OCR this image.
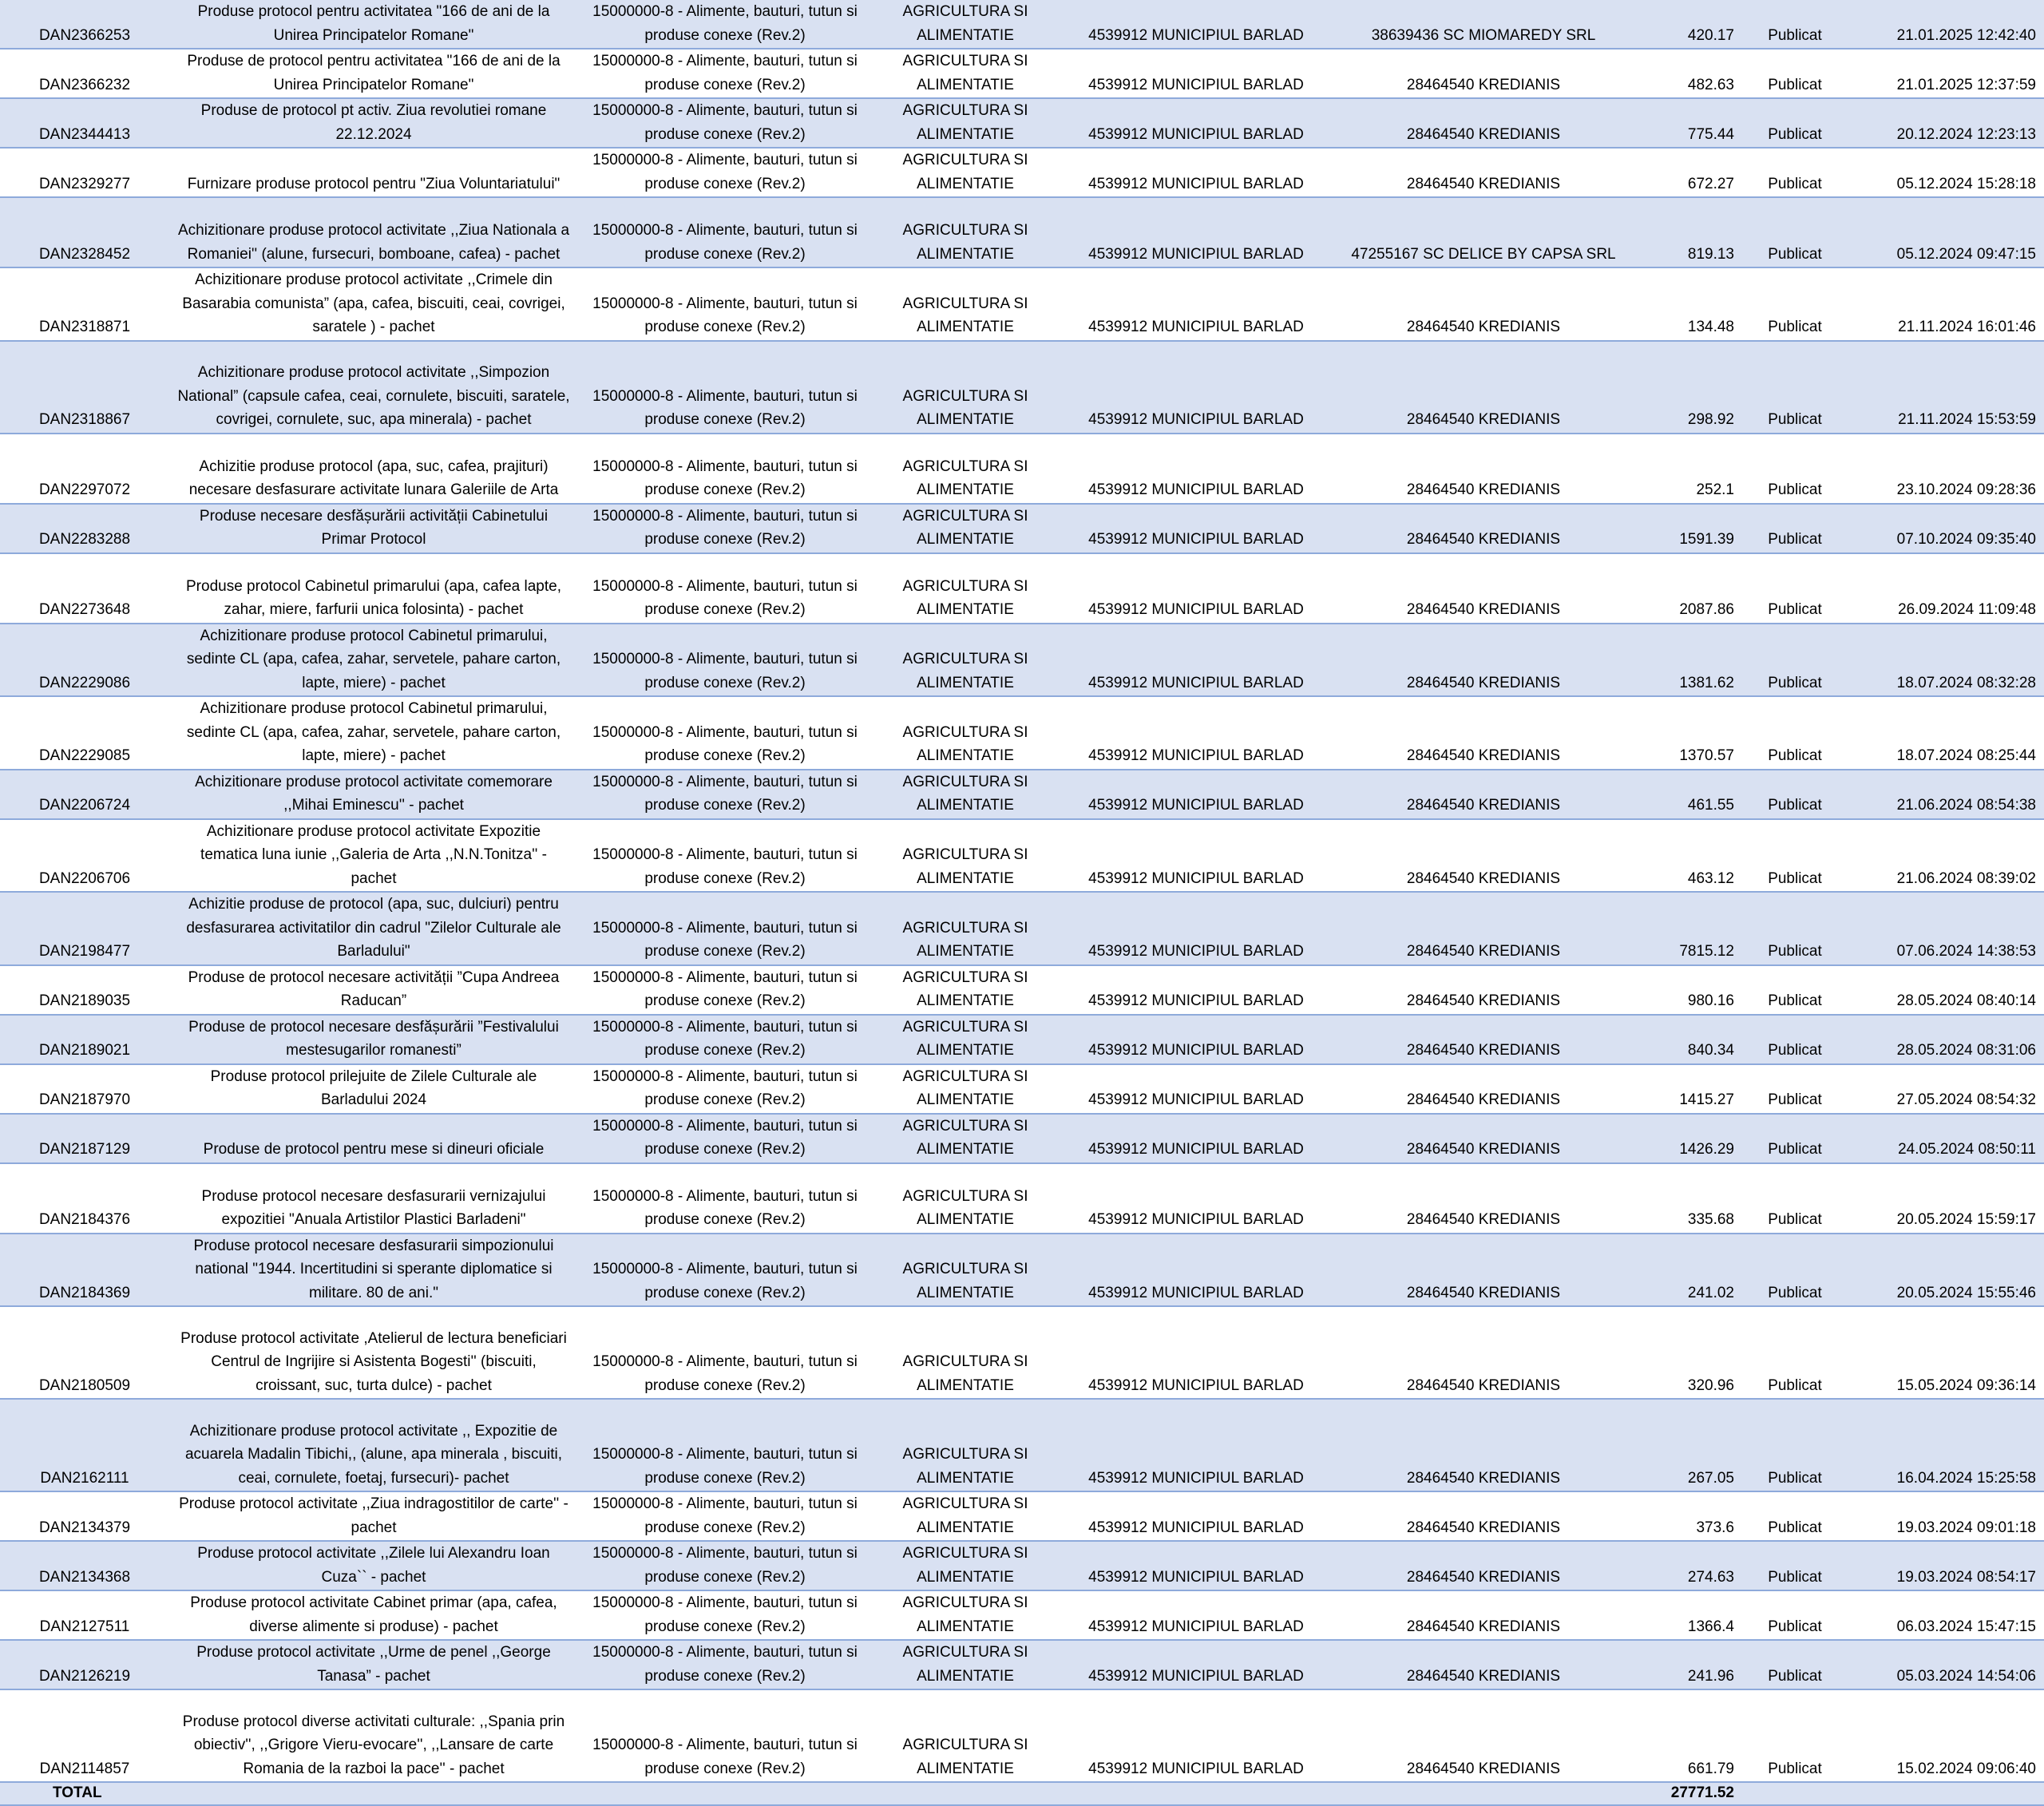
DAN2366253	Produse protocol pentru activitatea "166 de ani de la Unirea Principatelor Romane"	15000000-8 - Alimente, bauturi, tutun si produse conexe (Rev.2)	AGRICULTURA SI ALIMENTATIE	4539912 MUNICIPIUL BARLAD	38639436 SC MIOMAREDY SRL	420.17	Publicat	21.01.2025 12:42:40
DAN2366232	Produse de protocol pentru activitatea "166 de ani de la Unirea Principatelor Romane"	15000000-8 - Alimente, bauturi, tutun si produse conexe (Rev.2)	AGRICULTURA SI ALIMENTATIE	4539912 MUNICIPIUL BARLAD	28464540 KREDIANIS	482.63	Publicat	21.01.2025 12:37:59
DAN2344413	Produse de protocol pt activ. Ziua revolutiei romane 22.12.2024	15000000-8 - Alimente, bauturi, tutun si produse conexe (Rev.2)	AGRICULTURA SI ALIMENTATIE	4539912 MUNICIPIUL BARLAD	28464540 KREDIANIS	775.44	Publicat	20.12.2024 12:23:13
DAN2329277	Furnizare produse protocol pentru "Ziua Voluntariatului"	15000000-8 - Alimente, bauturi, tutun si produse conexe (Rev.2)	AGRICULTURA SI ALIMENTATIE	4539912 MUNICIPIUL BARLAD	28464540 KREDIANIS	672.27	Publicat	05.12.2024 15:28:18
DAN2328452	Achizitionare produse protocol activitate ,,Ziua Nationala a Romaniei'' (alune, fursecuri, bomboane, cafea) - pachet	15000000-8 - Alimente, bauturi, tutun si produse conexe (Rev.2)	AGRICULTURA SI ALIMENTATIE	4539912 MUNICIPIUL BARLAD	47255167 SC DELICE BY CAPSA SRL	819.13	Publicat	05.12.2024 09:47:15
DAN2318871	Achizitionare produse protocol activitate ,,Crimele din Basarabia comunista” (apa, cafea, biscuiti, ceai, covrigei, saratele ) - pachet	15000000-8 - Alimente, bauturi, tutun si produse conexe (Rev.2)	AGRICULTURA SI ALIMENTATIE	4539912 MUNICIPIUL BARLAD	28464540 KREDIANIS	134.48	Publicat	21.11.2024 16:01:46
DAN2318867	Achizitionare produse protocol activitate ,,Simpozion National” (capsule cafea, ceai, cornulete, biscuiti, saratele, covrigei, cornulete, suc, apa minerala) - pachet	15000000-8 - Alimente, bauturi, tutun si produse conexe (Rev.2)	AGRICULTURA SI ALIMENTATIE	4539912 MUNICIPIUL BARLAD	28464540 KREDIANIS	298.92	Publicat	21.11.2024 15:53:59
DAN2297072	Achizitie produse protocol (apa, suc, cafea, prajituri) necesare desfasurare activitate lunara Galeriile de Arta	15000000-8 - Alimente, bauturi, tutun si produse conexe (Rev.2)	AGRICULTURA SI ALIMENTATIE	4539912 MUNICIPIUL BARLAD	28464540 KREDIANIS	252.1	Publicat	23.10.2024 09:28:36
DAN2283288	Produse necesare desfășurării activității Cabinetului Primar Protocol	15000000-8 - Alimente, bauturi, tutun si produse conexe (Rev.2)	AGRICULTURA SI ALIMENTATIE	4539912 MUNICIPIUL BARLAD	28464540 KREDIANIS	1591.39	Publicat	07.10.2024 09:35:40
DAN2273648	Produse protocol Cabinetul primarului (apa, cafea lapte, zahar, miere, farfurii unica folosinta) - pachet	15000000-8 - Alimente, bauturi, tutun si produse conexe (Rev.2)	AGRICULTURA SI ALIMENTATIE	4539912 MUNICIPIUL BARLAD	28464540 KREDIANIS	2087.86	Publicat	26.09.2024 11:09:48
DAN2229086	Achizitionare produse protocol Cabinetul primarului, sedinte CL (apa, cafea, zahar, servetele, pahare carton, lapte, miere) - pachet	15000000-8 - Alimente, bauturi, tutun si produse conexe (Rev.2)	AGRICULTURA SI ALIMENTATIE	4539912 MUNICIPIUL BARLAD	28464540 KREDIANIS	1381.62	Publicat	18.07.2024 08:32:28
DAN2229085	Achizitionare produse protocol Cabinetul primarului, sedinte CL (apa, cafea, zahar, servetele, pahare carton, lapte, miere) - pachet	15000000-8 - Alimente, bauturi, tutun si produse conexe (Rev.2)	AGRICULTURA SI ALIMENTATIE	4539912 MUNICIPIUL BARLAD	28464540 KREDIANIS	1370.57	Publicat	18.07.2024 08:25:44
DAN2206724	Achizitionare produse protocol activitate comemorare ,,Mihai Eminescu'' - pachet	15000000-8 - Alimente, bauturi, tutun si produse conexe (Rev.2)	AGRICULTURA SI ALIMENTATIE	4539912 MUNICIPIUL BARLAD	28464540 KREDIANIS	461.55	Publicat	21.06.2024 08:54:38
DAN2206706	Achizitionare produse protocol activitate Expozitie tematica luna iunie ,,Galeria de Arta ,,N.N.Tonitza'' - pachet	15000000-8 - Alimente, bauturi, tutun si produse conexe (Rev.2)	AGRICULTURA SI ALIMENTATIE	4539912 MUNICIPIUL BARLAD	28464540 KREDIANIS	463.12	Publicat	21.06.2024 08:39:02
DAN2198477	Achizitie produse de protocol (apa, suc, dulciuri) pentru desfasurarea activitatilor din cadrul "Zilelor Culturale ale Barladului"	15000000-8 - Alimente, bauturi, tutun si produse conexe (Rev.2)	AGRICULTURA SI ALIMENTATIE	4539912 MUNICIPIUL BARLAD	28464540 KREDIANIS	7815.12	Publicat	07.06.2024 14:38:53
DAN2189035	Produse de protocol necesare activității ”Cupa Andreea Raducan”	15000000-8 - Alimente, bauturi, tutun si produse conexe (Rev.2)	AGRICULTURA SI ALIMENTATIE	4539912 MUNICIPIUL BARLAD	28464540 KREDIANIS	980.16	Publicat	28.05.2024 08:40:14
DAN2189021	Produse de protocol necesare desfășurării ”Festivalului mestesugarilor romanesti”	15000000-8 - Alimente, bauturi, tutun si produse conexe (Rev.2)	AGRICULTURA SI ALIMENTATIE	4539912 MUNICIPIUL BARLAD	28464540 KREDIANIS	840.34	Publicat	28.05.2024 08:31:06
DAN2187970	Produse protocol prilejuite de Zilele Culturale ale Barladului 2024	15000000-8 - Alimente, bauturi, tutun si produse conexe (Rev.2)	AGRICULTURA SI ALIMENTATIE	4539912 MUNICIPIUL BARLAD	28464540 KREDIANIS	1415.27	Publicat	27.05.2024 08:54:32
DAN2187129	Produse de protocol pentru mese si dineuri oficiale	15000000-8 - Alimente, bauturi, tutun si produse conexe (Rev.2)	AGRICULTURA SI ALIMENTATIE	4539912 MUNICIPIUL BARLAD	28464540 KREDIANIS	1426.29	Publicat	24.05.2024 08:50:11
DAN2184376	Produse protocol necesare desfasurarii vernizajului expozitiei "Anuala Artistilor Plastici Barladeni"	15000000-8 - Alimente, bauturi, tutun si produse conexe (Rev.2)	AGRICULTURA SI ALIMENTATIE	4539912 MUNICIPIUL BARLAD	28464540 KREDIANIS	335.68	Publicat	20.05.2024 15:59:17
DAN2184369	Produse protocol necesare desfasurarii simpozionului national "1944. Incertitudini si sperante diplomatice si militare. 80 de ani."	15000000-8 - Alimente, bauturi, tutun si produse conexe (Rev.2)	AGRICULTURA SI ALIMENTATIE	4539912 MUNICIPIUL BARLAD	28464540 KREDIANIS	241.02	Publicat	20.05.2024 15:55:46
DAN2180509	Produse protocol activitate ,Atelierul de lectura beneficiari Centrul de Ingrijire si Asistenta Bogesti'' (biscuiti, croissant, suc, turta dulce) - pachet	15000000-8 - Alimente, bauturi, tutun si produse conexe (Rev.2)	AGRICULTURA SI ALIMENTATIE	4539912 MUNICIPIUL BARLAD	28464540 KREDIANIS	320.96	Publicat	15.05.2024 09:36:14
DAN2162111	Achizitionare produse protocol activitate ,, Expozitie de acuarela Madalin Tibichi,, (alune, apa minerala , biscuiti, ceai, cornulete, foetaj, fursecuri)- pachet	15000000-8 - Alimente, bauturi, tutun si produse conexe (Rev.2)	AGRICULTURA SI ALIMENTATIE	4539912 MUNICIPIUL BARLAD	28464540 KREDIANIS	267.05	Publicat	16.04.2024 15:25:58
DAN2134379	Produse protocol activitate ,,Ziua indragostitilor de carte'' - pachet	15000000-8 - Alimente, bauturi, tutun si produse conexe (Rev.2)	AGRICULTURA SI ALIMENTATIE	4539912 MUNICIPIUL BARLAD	28464540 KREDIANIS	373.6	Publicat	19.03.2024 09:01:18
DAN2134368	Produse protocol activitate ,,Zilele lui Alexandru Ioan Cuza`` - pachet	15000000-8 - Alimente, bauturi, tutun si produse conexe (Rev.2)	AGRICULTURA SI ALIMENTATIE	4539912 MUNICIPIUL BARLAD	28464540 KREDIANIS	274.63	Publicat	19.03.2024 08:54:17
DAN2127511	Produse protocol activitate Cabinet primar (apa, cafea, diverse alimente si produse) - pachet	15000000-8 - Alimente, bauturi, tutun si produse conexe (Rev.2)	AGRICULTURA SI ALIMENTATIE	4539912 MUNICIPIUL BARLAD	28464540 KREDIANIS	1366.4	Publicat	06.03.2024 15:47:15
DAN2126219	Produse protocol activitate ,,Urme de penel ,,George Tanasa” - pachet	15000000-8 - Alimente, bauturi, tutun si produse conexe (Rev.2)	AGRICULTURA SI ALIMENTATIE	4539912 MUNICIPIUL BARLAD	28464540 KREDIANIS	241.96	Publicat	05.03.2024 14:54:06
DAN2114857	Produse protocol diverse activitati culturale: ,,Spania prin obiectiv'', ,,Grigore Vieru-evocare'', ,,Lansare de carte Romania de la razboi la pace'' - pachet	15000000-8 - Alimente, bauturi, tutun si produse conexe (Rev.2)	AGRICULTURA SI ALIMENTATIE	4539912 MUNICIPIUL BARLAD	28464540 KREDIANIS	661.79	Publicat	15.02.2024 09:06:40
TOTAL						27771.52		
